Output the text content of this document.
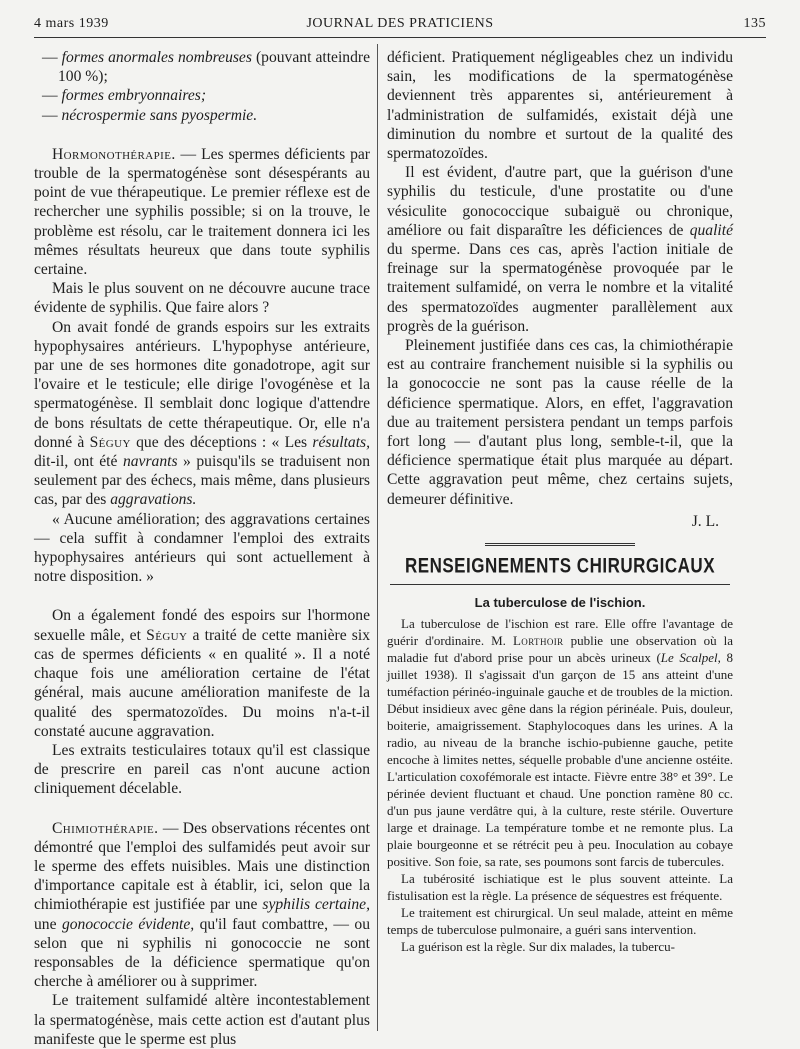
4 mars 1939	JOURNAL DES PRATICIENS	135

— formes anormales nombreuses (pouvant atteindre 100 %);

— formes embryonnaires;

— nécrospermie sans pyospermie.

Hormonothérapie. — Les spermes déficients par trouble de la spermatogénèse sont désespérants au point de vue thérapeutique. Le premier réflexe est de rechercher une syphilis possible; si on la trouve, le problème est résolu, car le traitement donnera ici les mêmes résultats heureux que dans toute syphilis certaine.

Mais le plus souvent on ne découvre aucune trace évidente de syphilis. Que faire alors ?

On avait fondé de grands espoirs sur les extraits hypophysaires antérieurs. L'hypophyse antérieure, par une de ses hormones dite gonadotrope, agit sur l'ovaire et le testicule; elle dirige l'ovogénèse et la spermatogénèse. Il semblait donc logique d'attendre de bons résultats de cette thérapeutique. Or, elle n'a donné à Séguy que des déceptions : « Les résultats, dit-il, ont été navrants » puisqu'ils se traduisent non seulement par des échecs, mais même, dans plusieurs cas, par des aggravations.

« Aucune amélioration; des aggravations certaines — cela suffit à condamner l'emploi des extraits hypophysaires antérieurs qui sont actuellement à notre disposition. »

On a également fondé des espoirs sur l'hormone sexuelle mâle, et Séguy a traité de cette manière six cas de spermes déficients « en qualité ». Il a noté chaque fois une amélioration certaine de l'état général, mais aucune amélioration manifeste de la qualité des spermatozoïdes. Du moins n'a-t-il constaté aucune aggravation.

Les extraits testiculaires totaux qu'il est classique de prescrire en pareil cas n'ont aucune action cliniquement décelable.

Chimiothérapie. — Des observations récentes ont démontré que l'emploi des sulfamidés peut avoir sur le sperme des effets nuisibles. Mais une distinction d'importance capitale est à établir, ici, selon que la chimiothérapie est justifiée par une syphilis certaine, une gonococcie évidente, qu'il faut combattre, — ou selon que ni syphilis ni gonococcie ne sont responsables de la déficience spermatique qu'on cherche à améliorer ou à supprimer.

Le traitement sulfamidé altère incontestablement la spermatogénèse, mais cette action est d'autant plus manifeste que le sperme est plus

déficient. Pratiquement négligeables chez un individu sain, les modifications de la spermatogénèse deviennent très apparentes si, antérieurement à l'administration de sulfamidés, existait déjà une diminution du nombre et surtout de la qualité des spermatozoïdes.

Il est évident, d'autre part, que la guérison d'une syphilis du testicule, d'une prostatite ou d'une vésiculite gonococcique subaiguë ou chronique, améliore ou fait disparaître les déficiences de qualité du sperme. Dans ces cas, après l'action initiale de freinage sur la spermatogénèse provoquée par le traitement sulfamidé, on verra le nombre et la vitalité des spermatozoïdes augmenter parallèlement aux progrès de la guérison.

Pleinement justifiée dans ces cas, la chimiothérapie est au contraire franchement nuisible si la syphilis ou la gonococcie ne sont pas la cause réelle de la déficience spermatique. Alors, en effet, l'aggravation due au traitement persistera pendant un temps parfois fort long — d'autant plus long, semble-t-il, que la déficience spermatique était plus marquée au départ. Cette aggravation peut même, chez certains sujets, demeurer définitive.

J. L.
RENSEIGNEMENTS CHIRURGICAUX
La tuberculose de l'ischion.

La tuberculose de l'ischion est rare. Elle offre l'avantage de guérir d'ordinaire. M. Lorthoir publie une observation où la maladie fut d'abord prise pour un abcès urineux (Le Scalpel, 8 juillet 1938). Il s'agissait d'un garçon de 15 ans atteint d'une tuméfaction périnéo-inguinale gauche et de troubles de la miction. Début insidieux avec gêne dans la région périnéale. Puis, douleur, boiterie, amaigrissement. Staphylocoques dans les urines. A la radio, au niveau de la branche ischio-pubienne gauche, petite encoche à limites nettes, séquelle probable d'une ancienne ostéite. L'articulation coxofémorale est intacte. Fièvre entre 38° et 39°. Le périnée devient fluctuant et chaud. Une ponction ramène 80 cc. d'un pus jaune verdâtre qui, à la culture, reste stérile. Ouverture large et drainage. La température tombe et ne remonte plus. La plaie bourgeonne et se rétrécit peu à peu. Inoculation au cobaye positive. Son foie, sa rate, ses poumons sont farcis de tubercules.

La tubérosité ischiatique est le plus souvent atteinte. La fistulisation est la règle. La présence de séquestres est fréquente.

Le traitement est chirurgical. Un seul malade, atteint en même temps de tuberculose pulmonaire, a guéri sans intervention.

La guérison est la règle. Sur dix malades, la tubercu-
